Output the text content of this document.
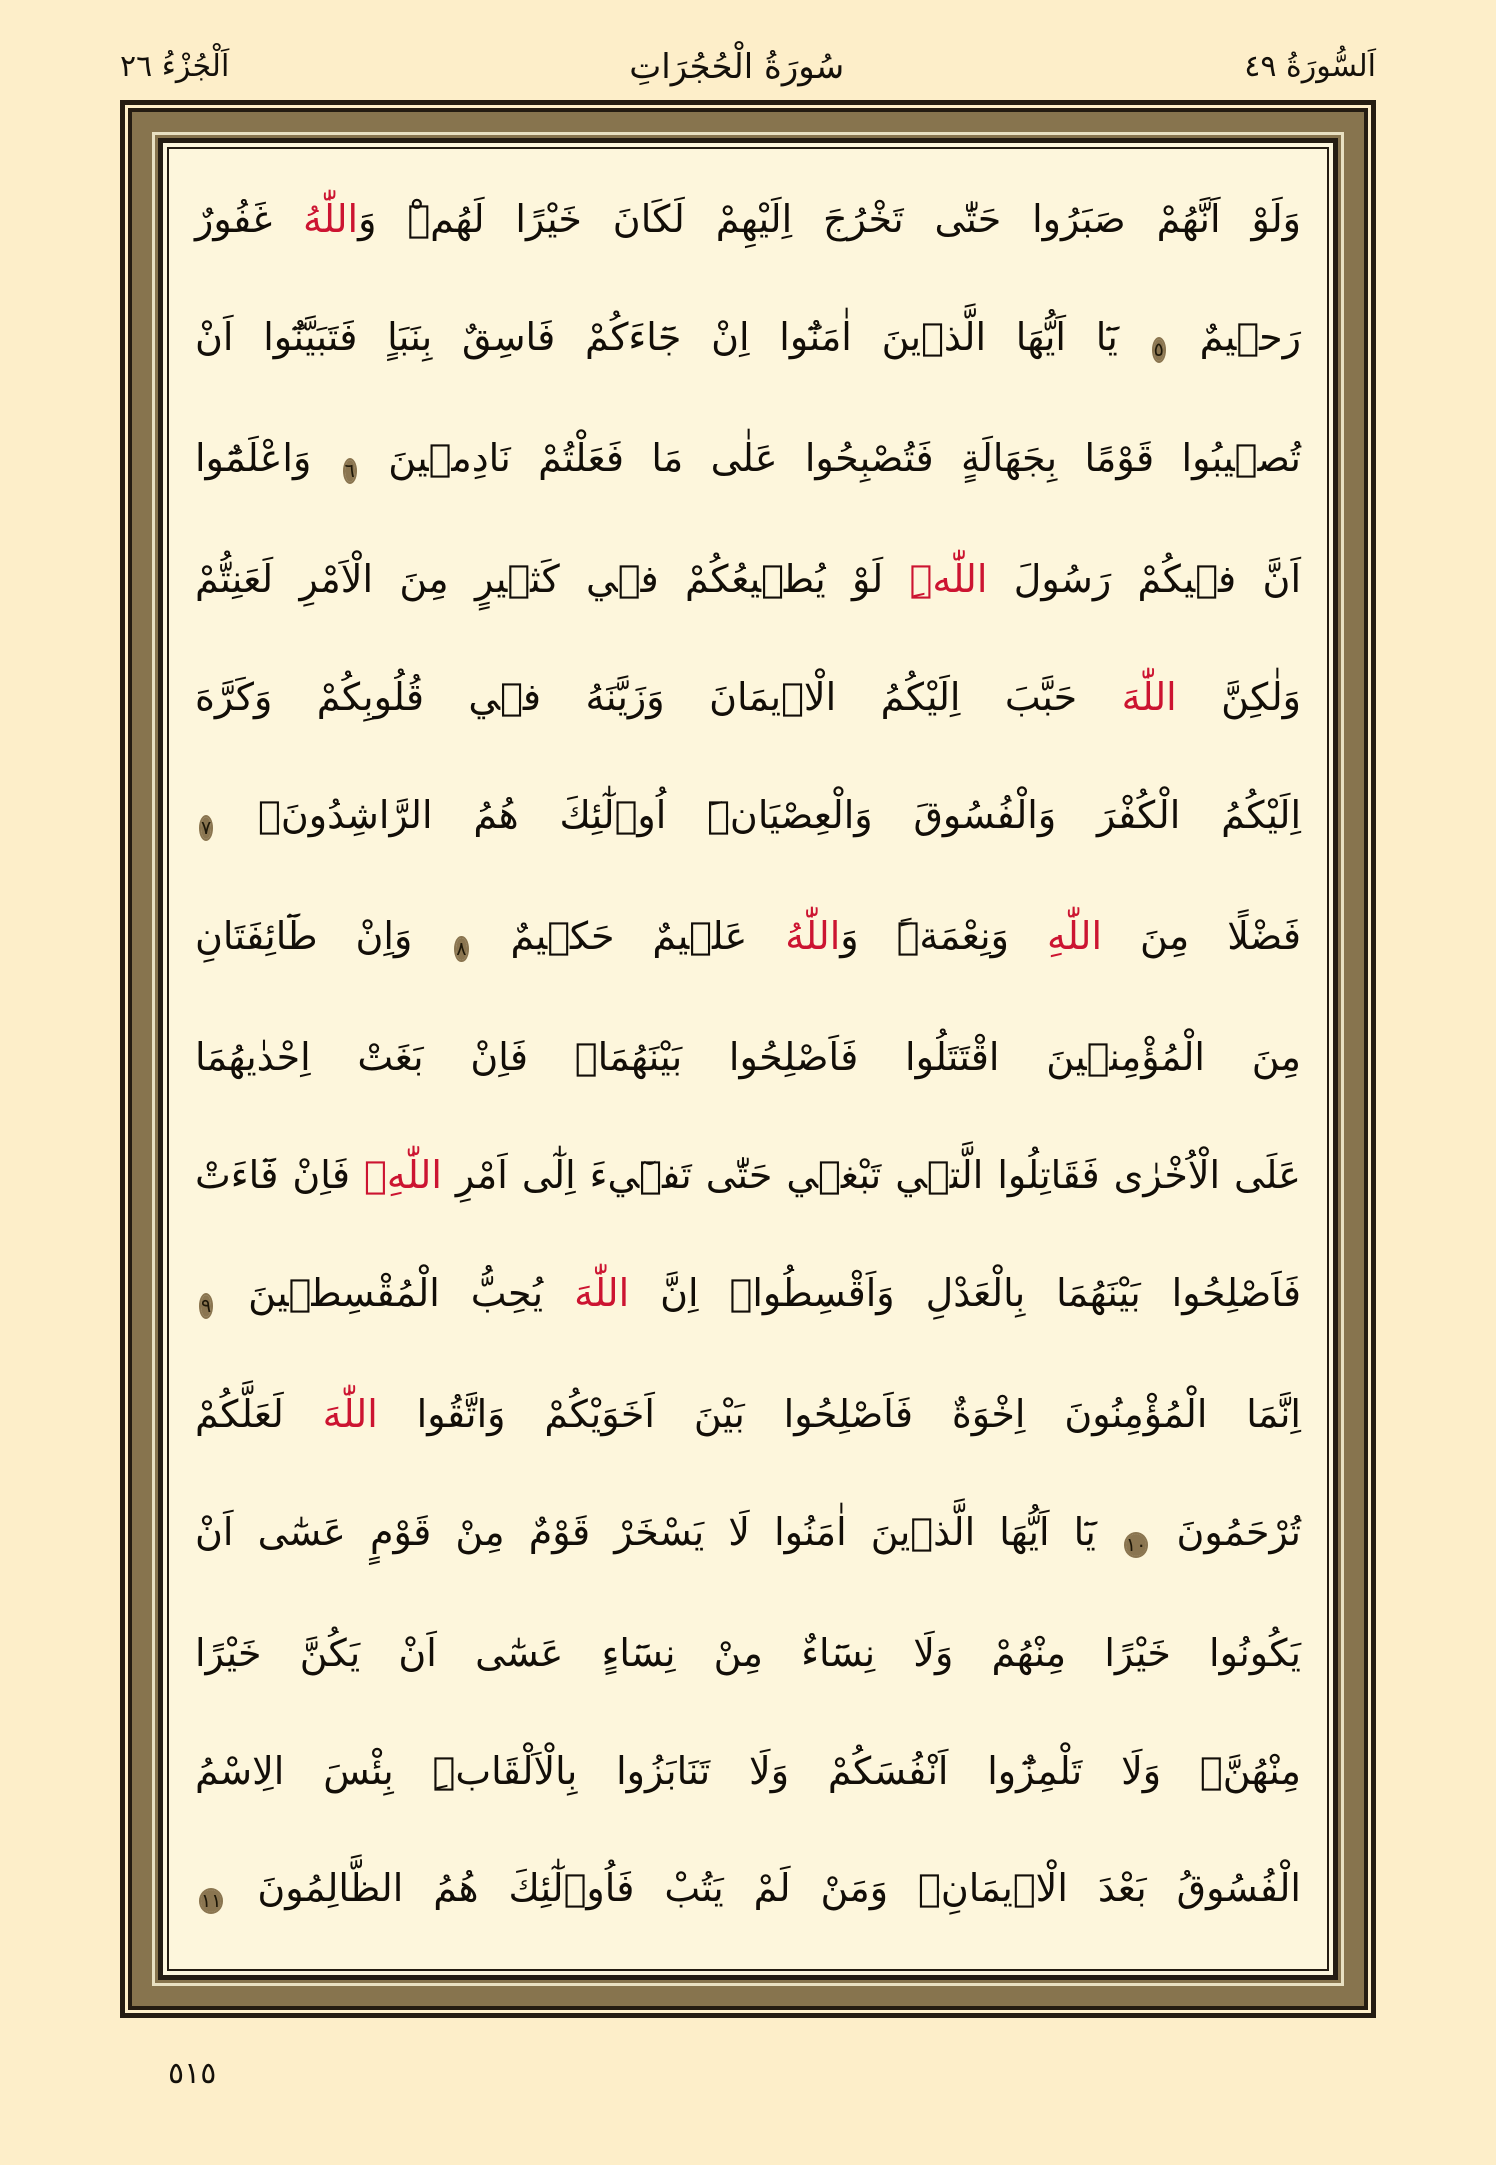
اَلسُّورَةُ ٤٩
سُورَةُ الْحُجُرَاتِ
اَلْجُزْءُ ٢٦
وَلَوْ اَنَّهُمْ صَبَرُوا حَتّٰى تَخْرُجَ اِلَيْهِمْ لَكَانَ خَيْرًا لَهُمْۜ وَاللّٰهُ غَفُورٌ
رَحٖيمٌ ٥ يَٓا اَيُّهَا الَّذٖينَ اٰمَنُٓوا اِنْ جَٓاءَكُمْ فَاسِقٌ بِنَبَاٍ فَتَبَيَّنُٓوا اَنْ
تُصٖيبُوا قَوْمًا بِجَهَالَةٍ فَتُصْبِحُوا عَلٰى مَا فَعَلْتُمْ نَادِمٖينَ ٦ وَاعْلَمُٓوا
اَنَّ فٖيكُمْ رَسُولَ اللّٰهِۜ لَوْ يُطٖيعُكُمْ فٖي كَثٖيرٍ مِنَ الْاَمْرِ لَعَنِتُّمْ
وَلٰكِنَّ اللّٰهَ حَبَّبَ اِلَيْكُمُ الْاٖيمَانَ وَزَيَّنَهُ فٖي قُلُوبِكُمْ وَكَرَّهَ
اِلَيْكُمُ الْكُفْرَ وَالْفُسُوقَ وَالْعِصْيَانَۜ اُو۬لٰٓئِكَ هُمُ الرَّاشِدُونَۙ ٧
فَضْلًا مِنَ اللّٰهِ وَنِعْمَةًۜ وَاللّٰهُ عَلٖيمٌ حَكٖيمٌ ٨ وَاِنْ طَٓائِفَتَانِ
مِنَ الْمُؤْمِنٖينَ اقْتَتَلُوا فَاَصْلِحُوا بَيْنَهُمَاۚ فَاِنْ بَغَتْ اِحْدٰيهُمَا
عَلَى الْاُخْرٰى فَقَاتِلُوا الَّتٖي تَبْغٖي حَتّٰى تَفٖٓيءَ اِلٰٓى اَمْرِ اللّٰهِۚ فَاِنْ فَٓاءَتْ
فَاَصْلِحُوا بَيْنَهُمَا بِالْعَدْلِ وَاَقْسِطُواۜ اِنَّ اللّٰهَ يُحِبُّ الْمُقْسِطٖينَ ٩
اِنَّمَا الْمُؤْمِنُونَ اِخْوَةٌ فَاَصْلِحُوا بَيْنَ اَخَوَيْكُمْ وَاتَّقُوا اللّٰهَ لَعَلَّكُمْ
تُرْحَمُونَ ١٠ يَٓا اَيُّهَا الَّذٖينَ اٰمَنُوا لَا يَسْخَرْ قَوْمٌ مِنْ قَوْمٍ عَسٰٓى اَنْ
يَكُونُوا خَيْرًا مِنْهُمْ وَلَا نِسَٓاءٌ مِنْ نِسَٓاءٍ عَسٰٓى اَنْ يَكُنَّ خَيْرًا
مِنْهُنَّۚ وَلَا تَلْمِزُٓوا اَنْفُسَكُمْ وَلَا تَنَابَزُوا بِالْاَلْقَابِۜ بِئْسَ الِاسْمُ
الْفُسُوقُ بَعْدَ الْاٖيمَانِۚ وَمَنْ لَمْ يَتُبْ فَاُو۬لٰٓئِكَ هُمُ الظَّالِمُونَ ١١
٥١٥
